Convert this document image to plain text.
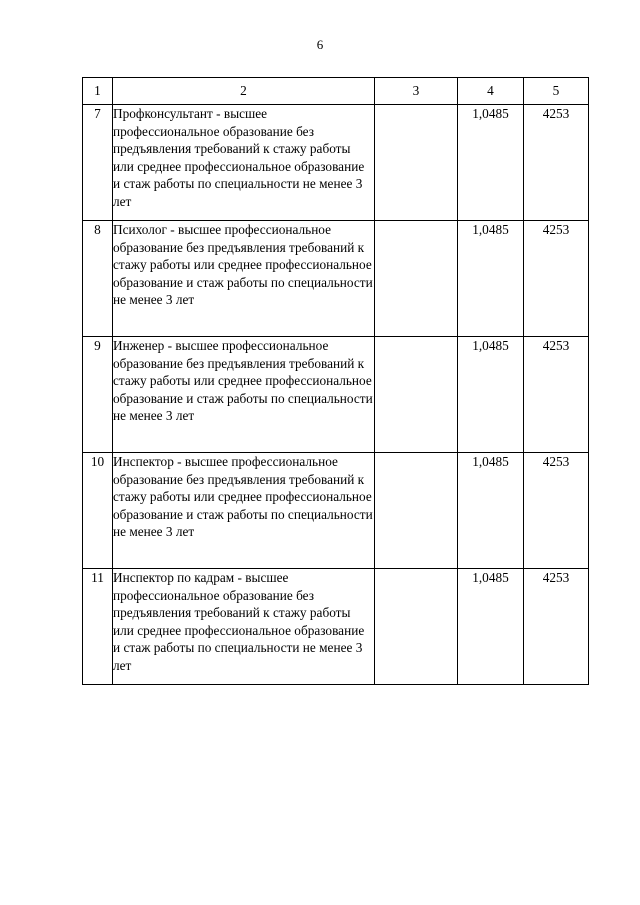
6
1	2	3	4	5
7	Профконсультант - высшее профессиональное образование без предъявления требований к стажу работы или среднее профессиональное образование и стаж работы по специальности не менее 3 лет		1,0485	4253
8	Психолог - высшее профессиональное образование без предъявления требований к стажу работы или среднее профессиональное образование и стаж работы по специальности не менее 3 лет		1,0485	4253
9	Инженер - высшее профессиональное образование без предъявления требований к стажу работы или среднее профессиональное образование и стаж работы по специальности не менее 3 лет		1,0485	4253
10	Инспектор - высшее профессиональное образование без предъявления требований к стажу работы или среднее профессиональное образование и стаж работы по специальности не менее 3 лет		1,0485	4253
11	Инспектор по кадрам - высшее профессиональное образование без предъявления требований к стажу работы или среднее профессиональное образование и стаж работы по специальности не менее 3 лет		1,0485	4253
